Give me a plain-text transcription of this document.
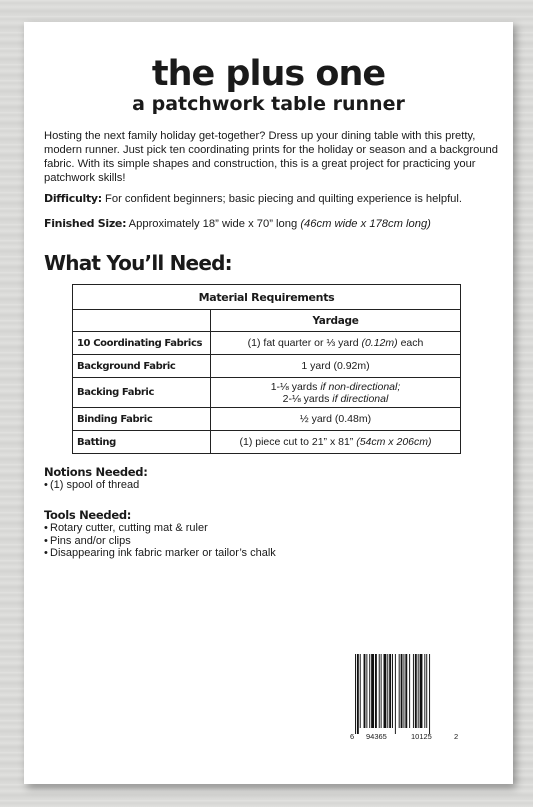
the plus one
a patchwork table runner

Hosting the next family holiday get-together? Dress up your dining table with this pretty, modern runner. Just pick ten coordinating prints for the holiday or season and a background fabric. With its simple shapes and construction, this is a great project for practicing your patchwork skills!

Difficulty: For confident beginners; basic piecing and quilting experience is helpful.

Finished Size: Approximately 18” wide x 70” long (46cm wide x 178cm long)

What You’ll Need:
Material Requirements	
	Yardage
10 Coordinating Fabrics	(1) fat quarter or ⅓ yard (0.12m) each
Background Fabric	1 yard (0.92m)
Backing Fabric	1-⅛ yards if non-directional;
2-⅛ yards if directional
Binding Fabric	½ yard (0.48m)
Batting	(1) piece cut to 21” x 81” (54cm x 206cm)
Notions Needed:
• (1) spool of thread
Tools Needed:
• Rotary cutter, cutting mat & ruler
• Pins and/or clips
• Disappearing ink fabric marker or tailor’s chalk
6 94365	10125	2
